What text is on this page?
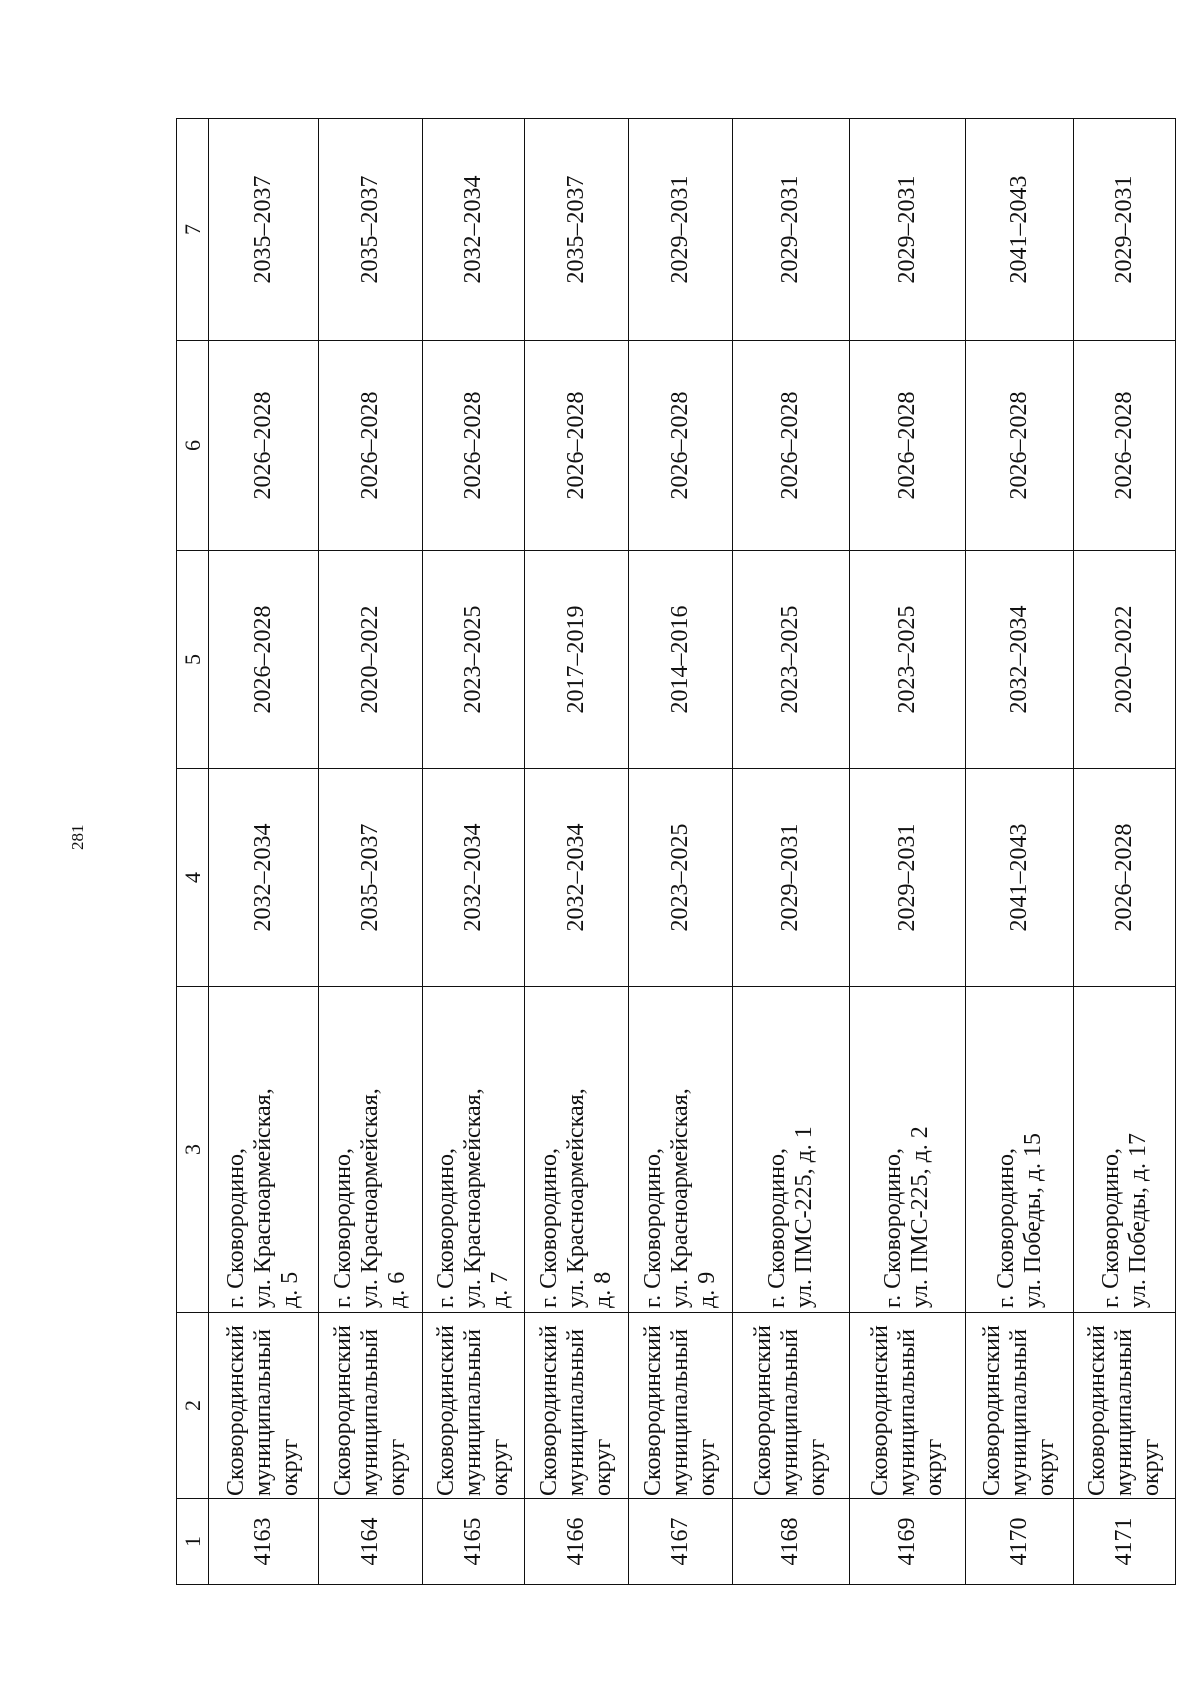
281
1	2	3	4	5	6	7
4163	Сковородинский муниципальный округ	г. Сковородино, ул. Красноармейская, д. 5	2032–2034	2026–2028	2026–2028	2035–2037
4164	Сковородинский муниципальный округ	г. Сковородино, ул. Красноармейская, д. 6	2035–2037	2020–2022	2026–2028	2035–2037
4165	Сковородинский муниципальный округ	г. Сковородино, ул. Красноармейская, д. 7	2032–2034	2023–2025	2026–2028	2032–2034
4166	Сковородинский муниципальный округ	г. Сковородино, ул. Красноармейская, д. 8	2032–2034	2017–2019	2026–2028	2035–2037
4167	Сковородинский муниципальный округ	г. Сковородино, ул. Красноармейская, д. 9	2023–2025	2014–2016	2026–2028	2029–2031
4168	Сковородинский муниципальный округ	г. Сковородино, ул. ПМС-225, д. 1	2029–2031	2023–2025	2026–2028	2029–2031
4169	Сковородинский муниципальный округ	г. Сковородино, ул. ПМС-225, д. 2	2029–2031	2023–2025	2026–2028	2029–2031
4170	Сковородинский муниципальный округ	г. Сковородино, ул. Победы, д. 15	2041–2043	2032–2034	2026–2028	2041–2043
4171	Сковородинский муниципальный округ	г. Сковородино, ул. Победы, д. 17	2026–2028	2020–2022	2026–2028	2029–2031
